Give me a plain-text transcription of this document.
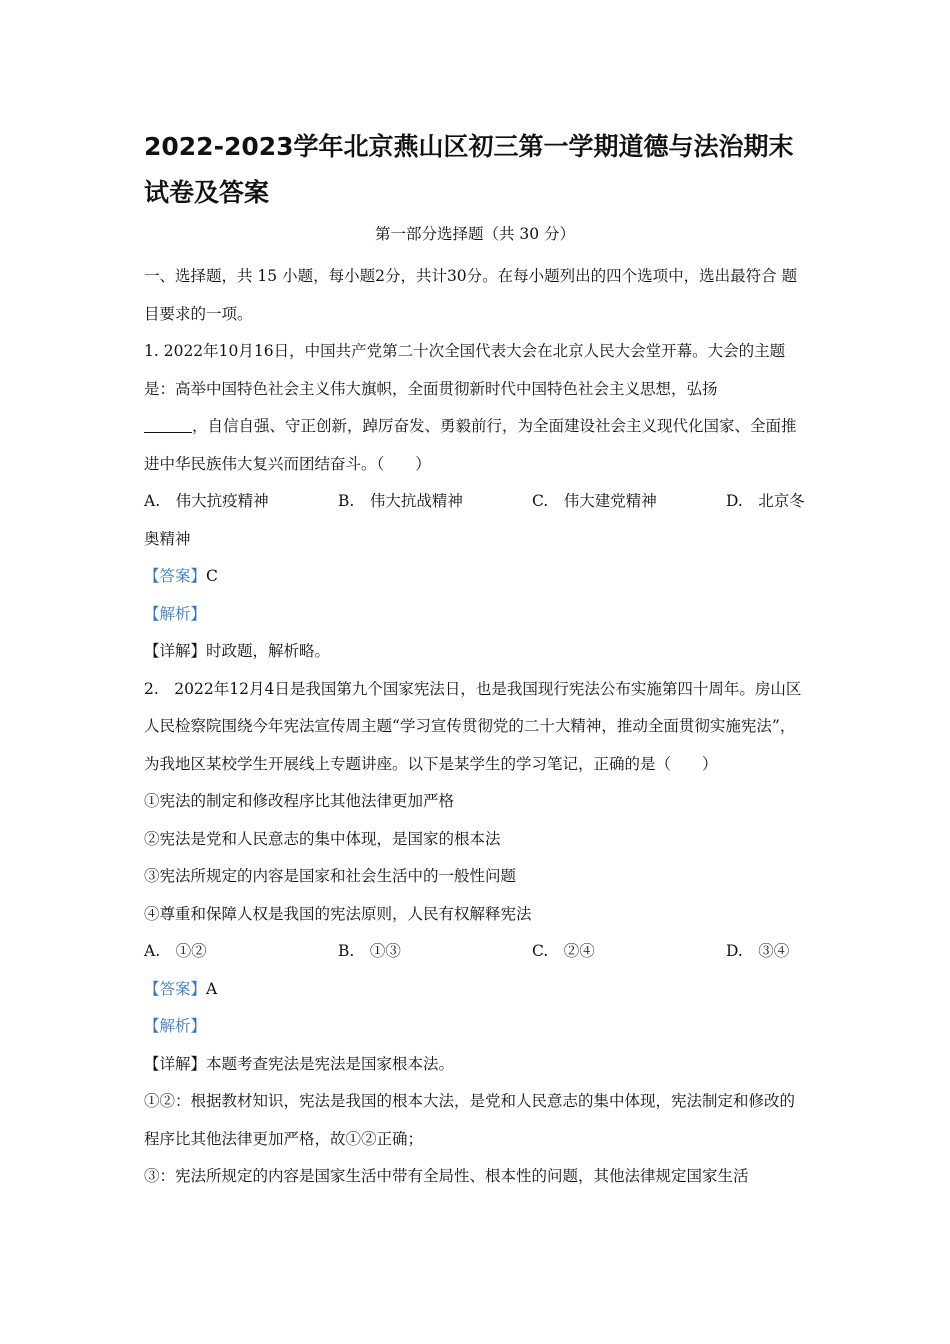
2022-2023学年北京燕山区初三第一学期道德与法治期末试卷及答案
第一部分选择题（共 30 分）

一、选择题，共 15 小题，每小题2分，共计30分。在每小题列出的四个选项中，选出最符合 题目要求的一项。

1. 2022年10月16日，中国共产党第二十次全国代表大会在北京人民大会堂开幕。大会的主题是：高举中国特色社会主义伟大旗帜，全面贯彻新时代中国特色社会主义思想，弘扬
，自信自强、守正创新，踔厉奋发、勇毅前行，为全面建设社会主义现代化国家、全面推进中华民族伟大复兴而团结奋斗。（　　）

A.　伟大抗疫精神	B.　伟大抗战精神	C.　伟大建党精神	D.　北京冬

奥精神

【答案】C

【解析】

【详解】时政题，解析略。

2.　2022年12月4日是我国第九个国家宪法日，也是我国现行宪法公布实施第四十周年。房山区人民检察院围绕今年宪法宣传周主题“学习宣传贯彻党的二十大精神，推动全面贯彻实施宪法”，为我地区某校学生开展线上专题讲座。以下是某学生的学习笔记，正确的是（　　）

①宪法的制定和修改程序比其他法律更加严格

②宪法是党和人民意志的集中体现，是国家的根本法

③宪法所规定的内容是国家和社会生活中的一般性问题

④尊重和保障人权是我国的宪法原则，人民有权解释宪法

A.　①②	B.　①③	C.　②④	D.　③④

【答案】A

【解析】

【详解】本题考查宪法是宪法是国家根本法。

①②：根据教材知识，宪法是我国的根本大法，是党和人民意志的集中体现，宪法制定和修改的程序比其他法律更加严格，故①②正确；

③：宪法所规定的内容是国家生活中带有全局性、根本性的问题，其他法律规定国家生活
